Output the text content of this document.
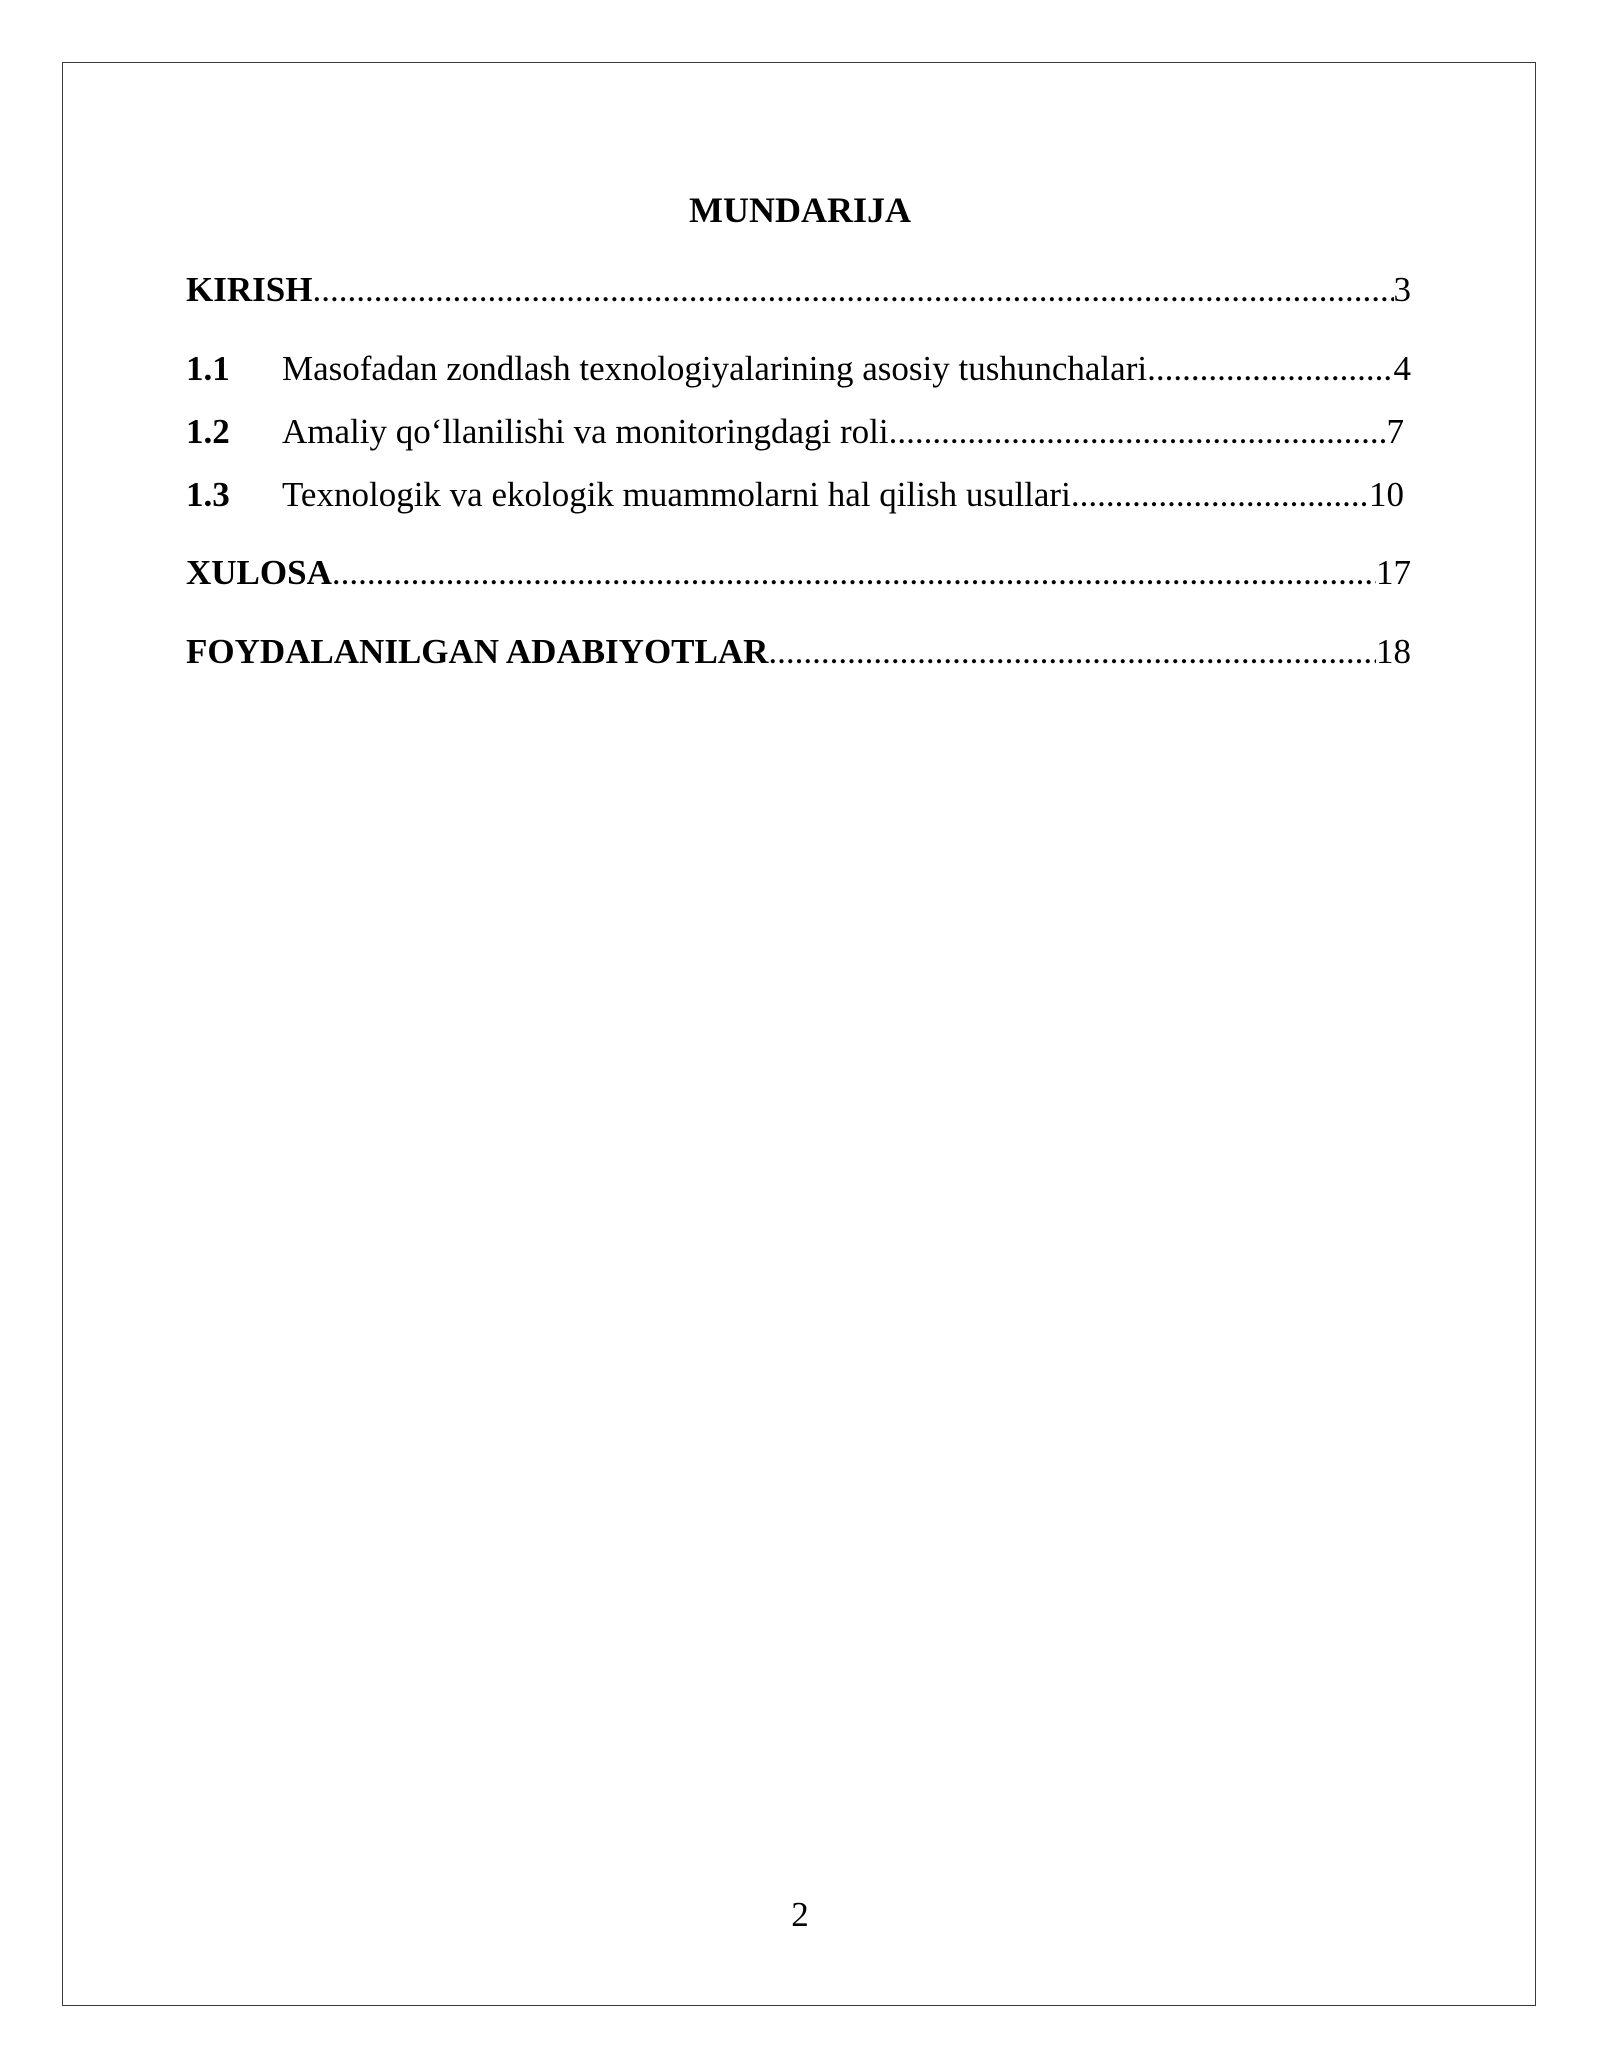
MUNDARIJA
KIRISH .....	3
1.1	Masofadan zondlash texnologiyalarining asosiy tushunchalari .....	4
1.2	Amaliy qo‘llanilishi va monitoringdagi roli .....	7
1.3	Texnologik va ekologik muammolarni hal qilish usullari .....	10
XULOSA .....	17
FOYDALANILGAN ADABIYOTLAR .....	18
2
